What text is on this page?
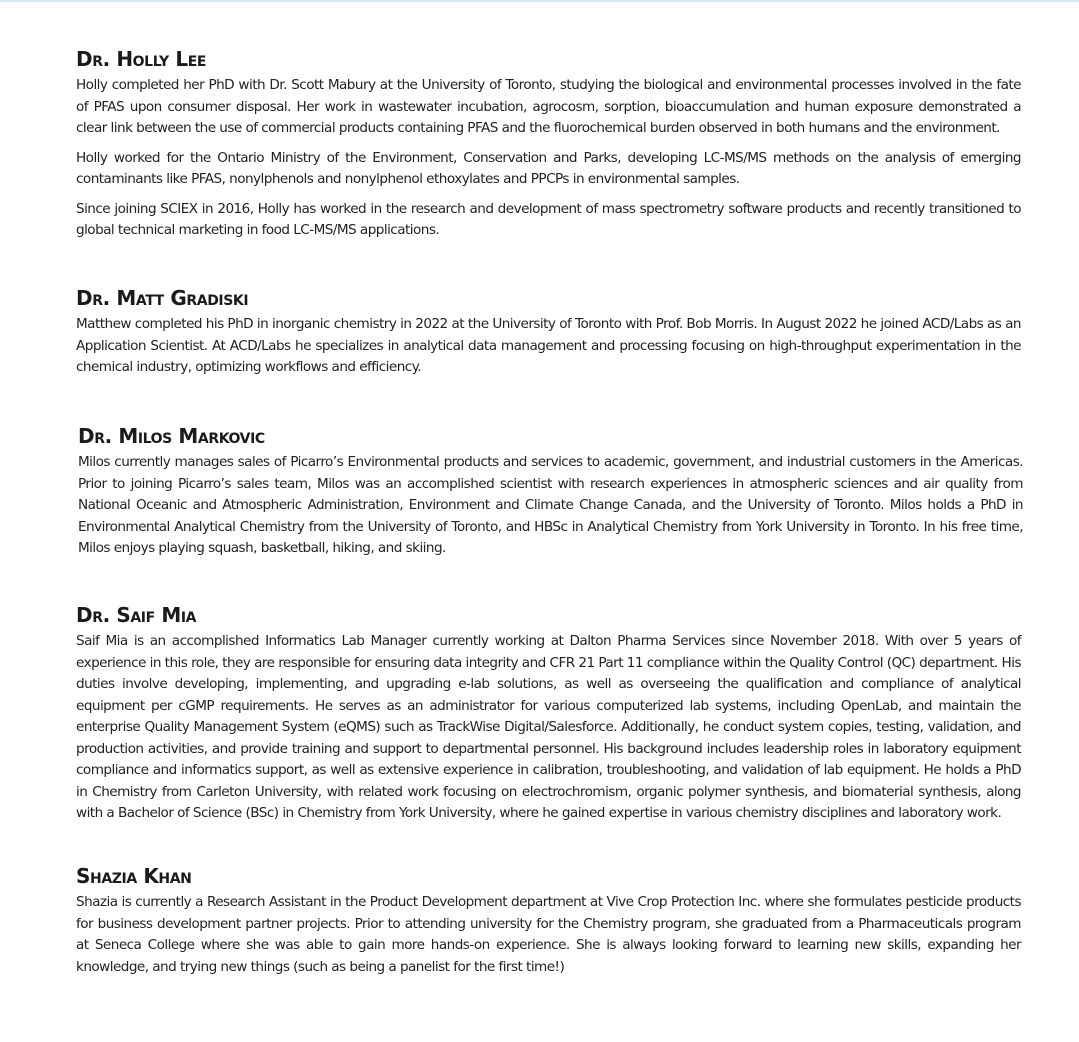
Dr. Holly Lee

Holly completed her PhD with Dr. Scott Mabury at the University of Toronto, studying the biological and environmental processes involved in the fate of PFAS upon consumer disposal. Her work in wastewater incubation, agrocosm, sorption, bioaccumulation and human exposure demonstrated a clear link between the use of commercial products containing PFAS and the fluorochemical burden observed in both humans and the environment.

Holly worked for the Ontario Ministry of the Environment, Conservation and Parks, developing LC-MS/MS methods on the analysis of emerging contaminants like PFAS, nonylphenols and nonylphenol ethoxylates and PPCPs in environmental samples.

Since joining SCIEX in 2016, Holly has worked in the research and development of mass spectrometry software products and recently transitioned to global technical marketing in food LC-MS/MS applications.

Dr. Matt Gradiski

Matthew completed his PhD in inorganic chemistry in 2022 at the University of Toronto with Prof. Bob Morris. In August 2022 he joined ACD/Labs as an Application Scientist. At ACD/Labs he specializes in analytical data management and processing focusing on high-throughput experimentation in the chemical industry, optimizing workflows and efficiency.

Dr. Milos Markovic

Milos currently manages sales of Picarro’s Environmental products and services to academic, government, and industrial customers in the Americas. Prior to joining Picarro’s sales team, Milos was an accomplished scientist with research experiences in atmospheric sciences and air quality from National Oceanic and Atmospheric Administration, Environment and Climate Change Canada, and the University of Toronto. Milos holds a PhD in Environmental Analytical Chemistry from the University of Toronto, and HBSc in Analytical Chemistry from York University in Toronto. In his free time, Milos enjoys playing squash, basketball, hiking, and skiing.

Dr. Saif Mia

Saif Mia is an accomplished Informatics Lab Manager currently working at Dalton Pharma Services since November 2018. With over 5 years of experience in this role, they are responsible for ensuring data integrity and CFR 21 Part 11 compliance within the Quality Control (QC) department. His duties involve developing, implementing, and upgrading e-lab solutions, as well as overseeing the qualification and compliance of analytical equipment per cGMP requirements. He serves as an administrator for various computerized lab systems, including OpenLab, and maintain the enterprise Quality Management System (eQMS) such as TrackWise Digital/Salesforce. Additionally, he conduct system copies, testing, validation, and production activities, and provide training and support to departmental personnel. His background includes leadership roles in laboratory equipment compliance and informatics support, as well as extensive experience in calibration, troubleshooting, and validation of lab equipment. He holds a PhD in Chemistry from Carleton University, with related work focusing on electrochromism, organic polymer synthesis, and biomaterial synthesis, along with a Bachelor of Science (BSc) in Chemistry from York University, where he gained expertise in various chemistry disciplines and laboratory work.

Shazia Khan

Shazia is currently a Research Assistant in the Product Development department at Vive Crop Protection Inc. where she formulates pesticide products for business development partner projects. Prior to attending university for the Chemistry program, she graduated from a Pharmaceuticals program at Seneca College where she was able to gain more hands-on experience. She is always looking forward to learning new skills, expanding her knowledge, and trying new things (such as being a panelist for the first time!)
